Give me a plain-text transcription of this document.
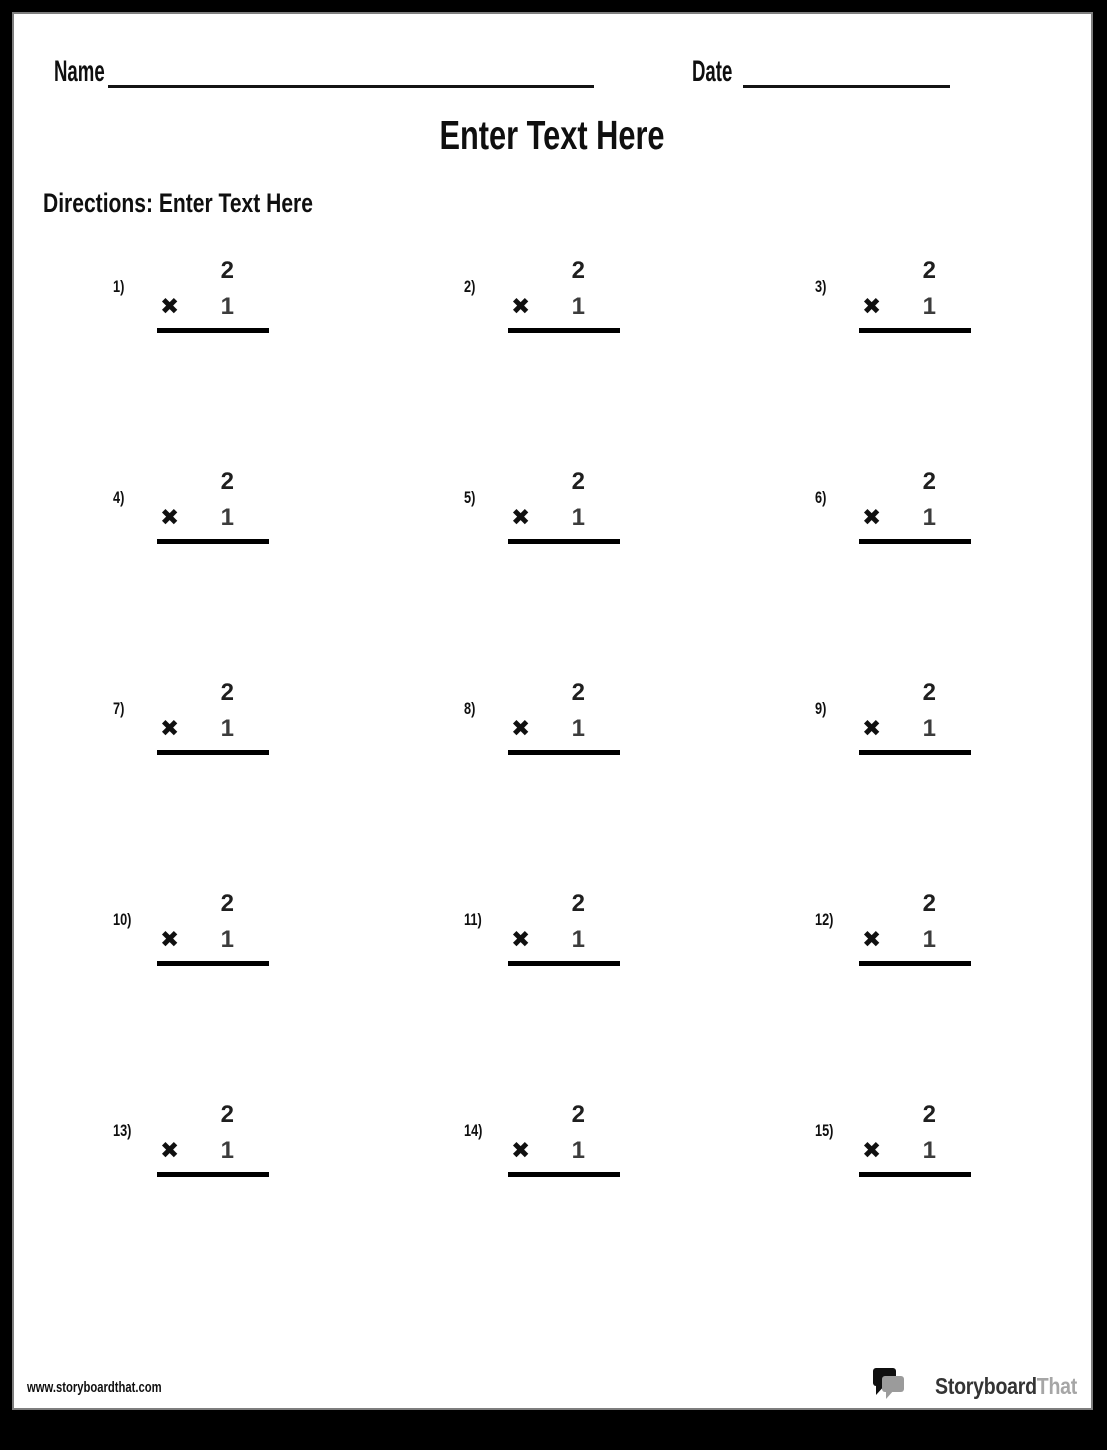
Name	Date
Enter Text Here
Directions: Enter Text Here
1)
2
✖ 1
2)
2
✖ 1
3)
2
✖ 1
4)
2
✖ 1
5)
2
✖ 1
6)
2
✖ 1
7)
2
✖ 1
8)
2
✖ 1
9)
2
✖ 1
10)
2
✖ 1
11)
2
✖ 1
12)
2
✖ 1
13)
2
✖ 1
14)
2
✖ 1
15)
2
✖ 1
www.storyboardthat.com	StoryboardThat
